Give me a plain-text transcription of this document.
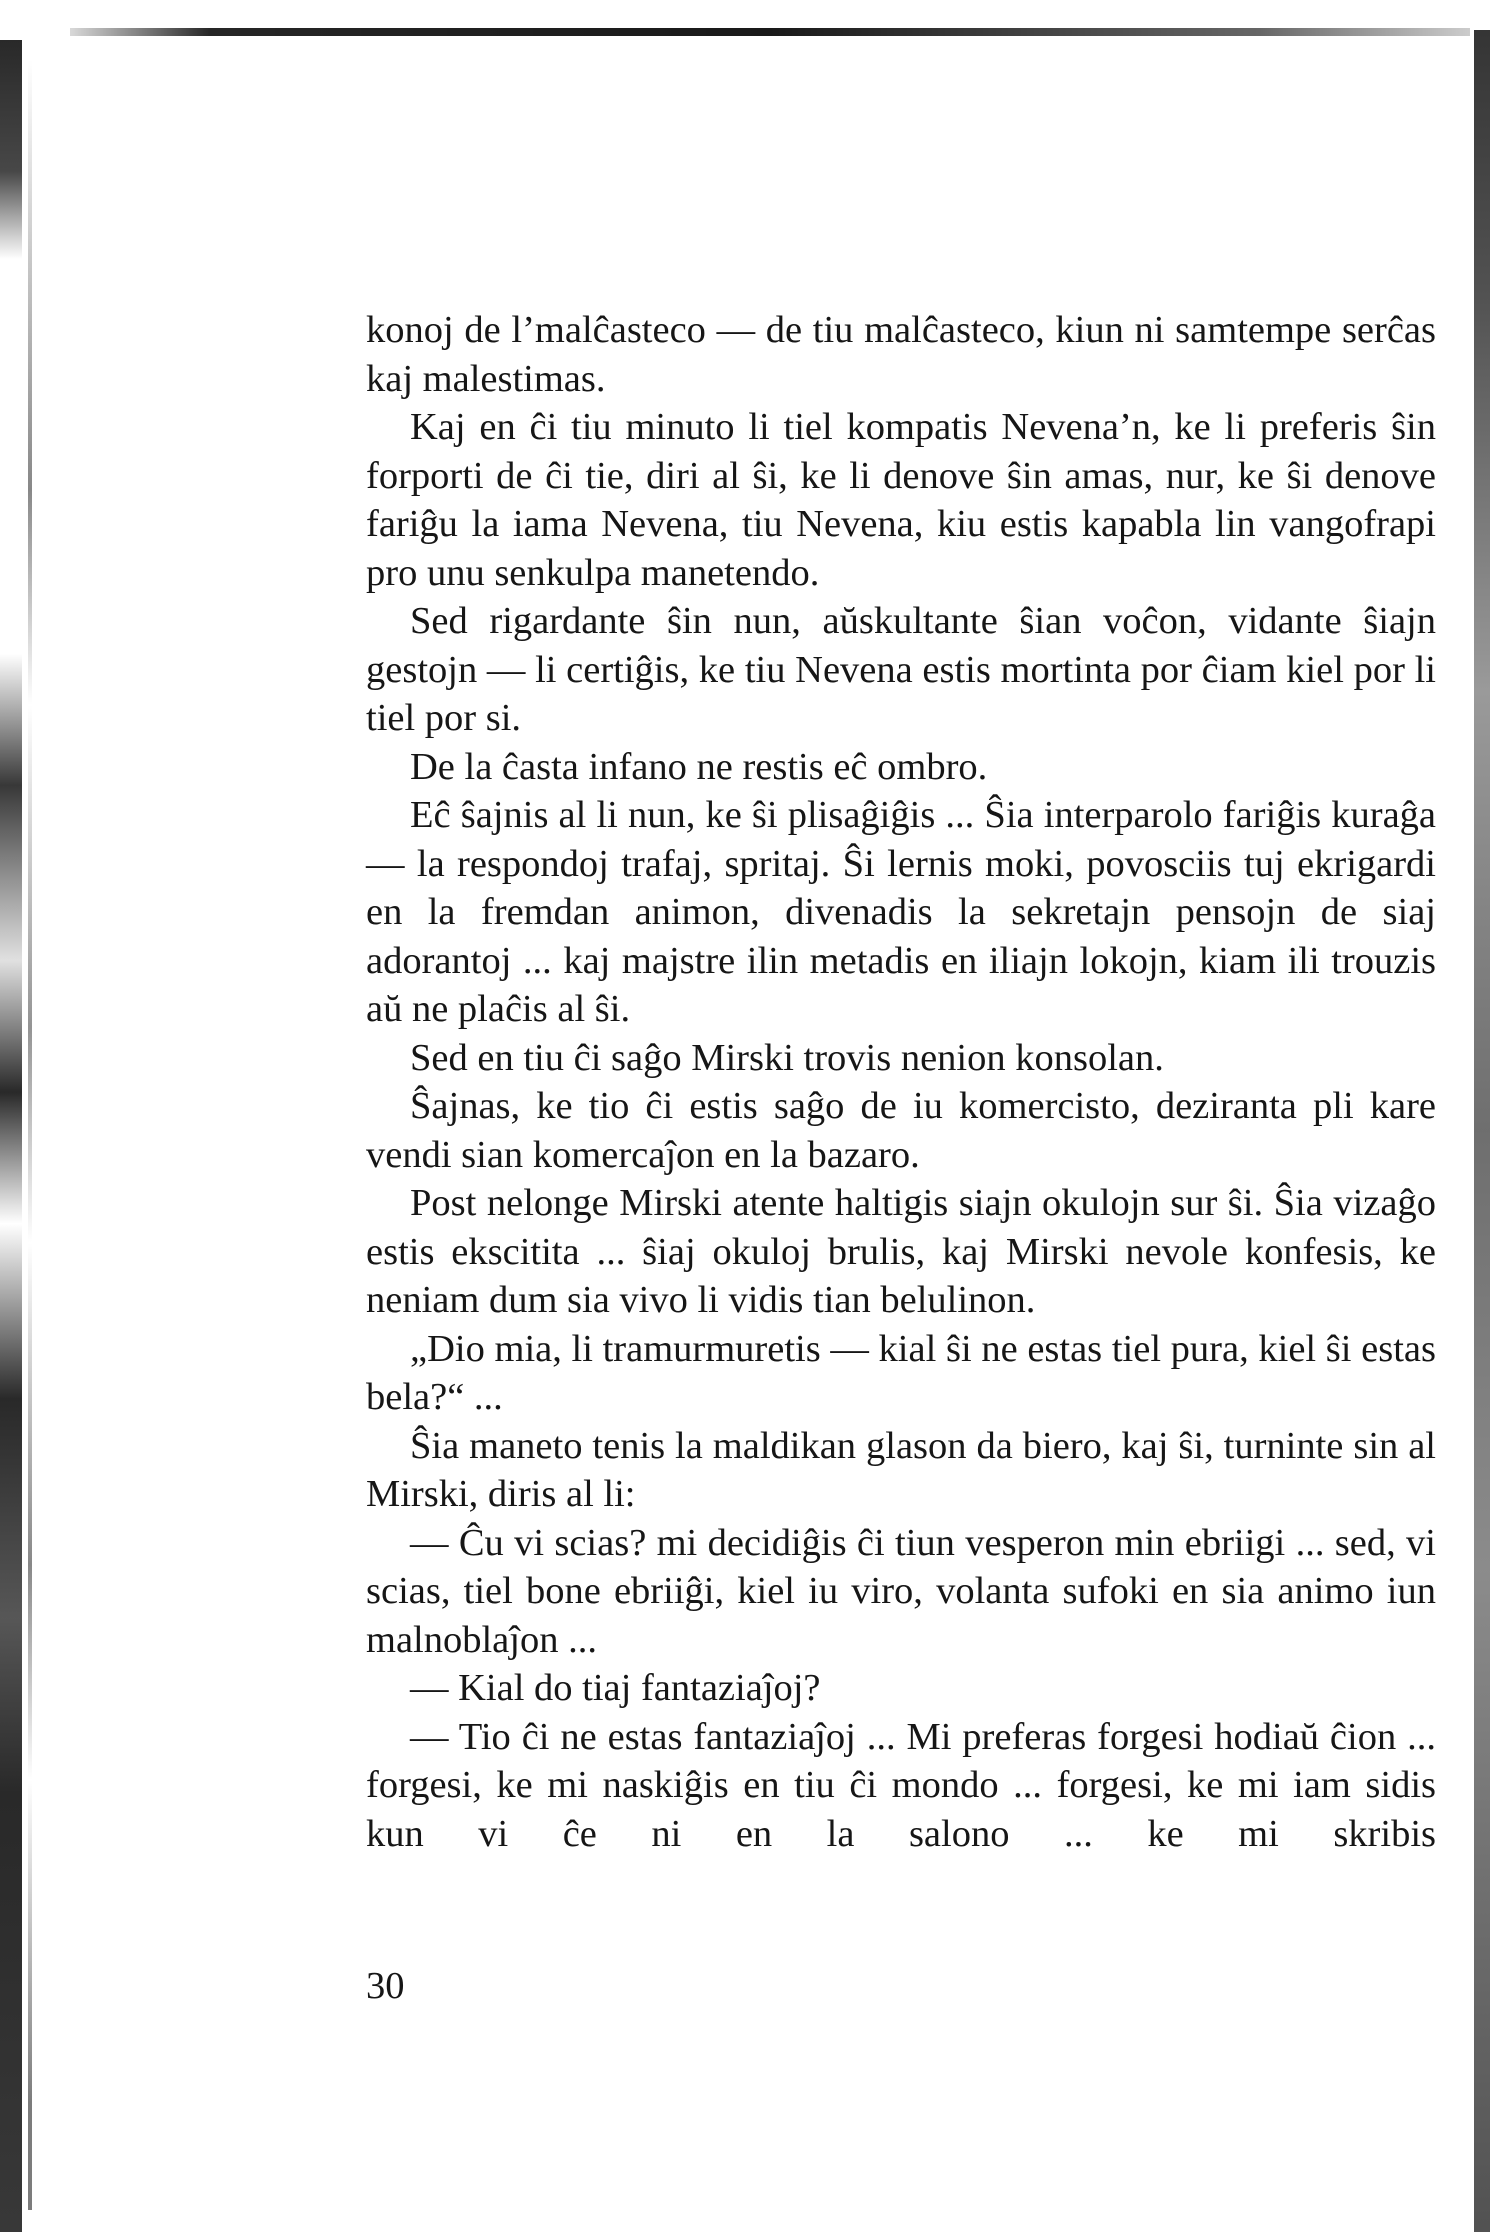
konoj de l’malĉasteco — de tiu malĉasteco, kiun ni samtempe serĉas kaj malestimas.

Kaj en ĉi tiu minuto li tiel kompatis Nevena’n, ke li preferis ŝin forporti de ĉi tie, diri al ŝi, ke li denove ŝin amas, nur, ke ŝi denove fariĝu la iama Nevena, tiu Nevena, kiu estis kapabla lin vangofrapi pro unu senkulpa manetendo.

Sed rigardante ŝin nun, aŭskultante ŝian voĉon, vidante ŝiajn gestojn — li certiĝis, ke tiu Nevena estis mortinta por ĉiam kiel por li tiel por si.

De la ĉasta infano ne restis eĉ ombro.

Eĉ ŝajnis al li nun, ke ŝi plisaĝiĝis ... Ŝia interparolo fariĝis kuraĝa — la respondoj trafaj, spritaj. Ŝi lernis moki, povosciis tuj ekrigardi en la fremdan animon, divenadis la sekretajn pensojn de siaj adorantoj ... kaj majstre ilin metadis en iliajn lokojn, kiam ili trouzis aŭ ne plaĉis al ŝi.

Sed en tiu ĉi saĝo Mirski trovis nenion konsolan.

Ŝajnas, ke tio ĉi estis saĝo de iu komercisto, deziranta pli kare vendi sian komercaĵon en la bazaro.

Post nelonge Mirski atente haltigis siajn okulojn sur ŝi. Ŝia vizaĝo estis ekscitita ... ŝiaj okuloj brulis, kaj Mirski nevole konfesis, ke neniam dum sia vivo li vidis tian belulinon.

„Dio mia, li tramurmuretis — kial ŝi ne estas tiel pura, kiel ŝi estas bela?“ ...

Ŝia maneto tenis la maldikan glason da biero, kaj ŝi, turninte sin al Mirski, diris al li:

— Ĉu vi scias? mi decidiĝis ĉi tiun vesperon min ebriigi ... sed, vi scias, tiel bone ebriiĝi, kiel iu viro, volanta sufoki en sia animo iun malnoblaĵon ...

— Kial do tiaj fantaziaĵoj?

— Tio ĉi ne estas fantaziaĵoj ... Mi preferas forgesi hodiaŭ ĉion ... forgesi, ke mi naskiĝis en tiu ĉi mondo ... forgesi, ke mi iam sidis kun vi ĉe ni en la salono ... ke mi skribis

30
